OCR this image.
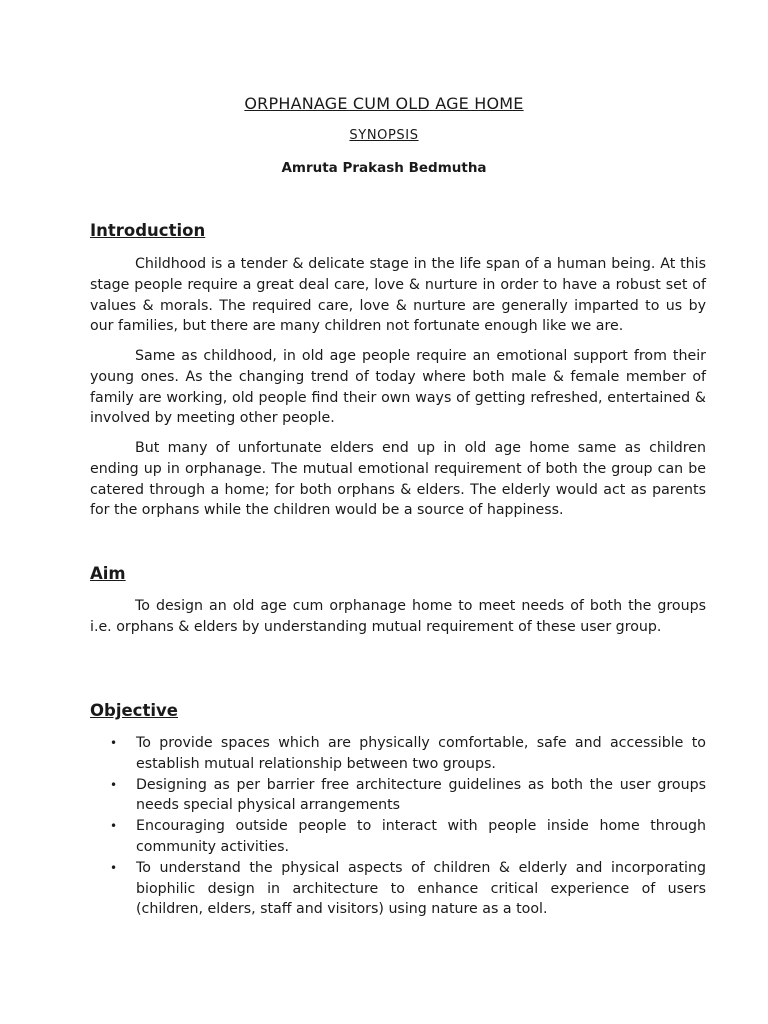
ORPHANAGE CUM OLD AGE HOME
SYNOPSIS
Amruta Prakash Bedmutha
Introduction

Childhood is a tender & delicate stage in the life span of a human being. At this stage people require a great deal care, love & nurture in order to have a robust set of values & morals. The required care, love & nurture are generally imparted to us by our families, but there are many children not fortunate enough like we are.

Same as childhood, in old age people require an emotional support from their young ones. As the changing trend of today where both male & female member of family are working, old people find their own ways of getting refreshed, entertained & involved by meeting other people.

But many of unfortunate elders end up in old age home same as children ending up in orphanage. The mutual emotional requirement of both the group can be catered through a home; for both orphans & elders. The elderly would act as parents for the orphans while the children would be a source of happiness.

Aim

To design an old age cum orphanage home to meet needs of both the groups i.e. orphans & elders by understanding mutual requirement of these user group.

Objective
• To provide spaces which are physically comfortable, safe and accessible to establish mutual relationship between two groups.
• Designing as per barrier free architecture guidelines as both the user groups needs special physical arrangements
• Encouraging outside people to interact with people inside home through community activities.
• To understand the physical aspects of children & elderly and incorporating biophilic design in architecture to enhance critical experience of users (children, elders, staff and visitors) using nature as a tool.
